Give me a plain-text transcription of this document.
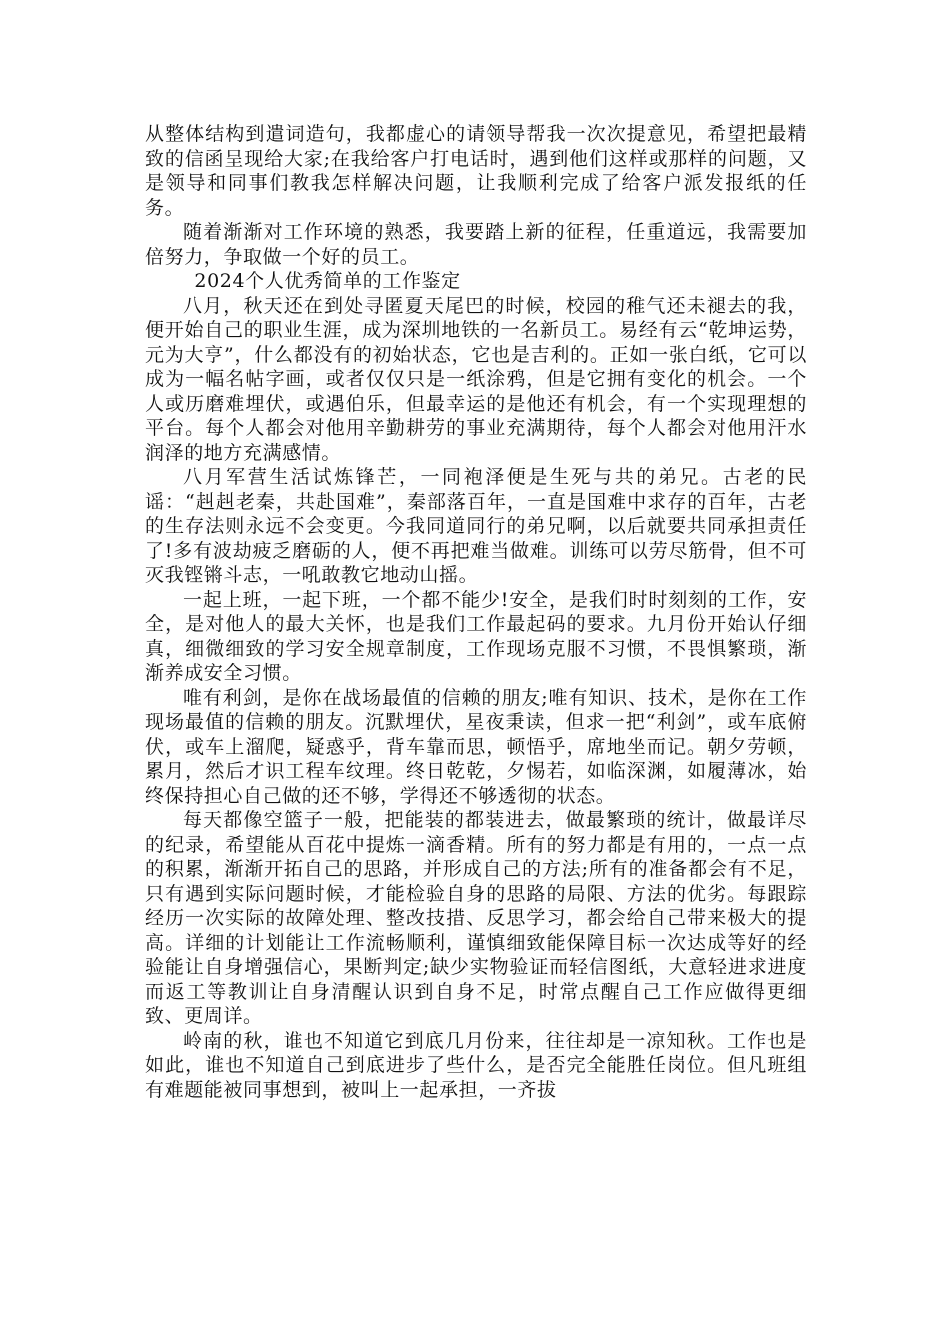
从整体结构到遣词造句，我都虚心的请领导帮我一次次提意见，希望把最精致的信函呈现给大家;在我给客户打电话时，遇到他们这样或那样的问题，又是领导和同事们教我怎样解决问题，让我顺利完成了给客户派发报纸的任务。

随着渐渐对工作环境的熟悉，我要踏上新的征程，任重道远，我需要加倍努力，争取做一个好的员工。

2024个人优秀简单的工作鉴定

八月，秋天还在到处寻匿夏天尾巴的时候，校园的稚气还未褪去的我，便开始自己的职业生涯，成为深圳地铁的一名新员工。易经有云“乾坤运势，元为大亨”，什么都没有的初始状态，它也是吉利的。正如一张白纸，它可以成为一幅名帖字画，或者仅仅只是一纸涂鸦，但是它拥有变化的机会。一个人或历磨难埋伏，或遇伯乐，但最幸运的是他还有机会，有一个实现理想的平台。每个人都会对他用辛勤耕劳的事业充满期待，每个人都会对他用汗水润泽的地方充满感情。

八月军营生活试炼锋芒，一同袍泽便是生死与共的弟兄。古老的民谣：“赳赳老秦，共赴国难”，秦部落百年，一直是国难中求存的百年，古老的生存法则永远不会变更。今我同道同行的弟兄啊，以后就要共同承担责任了!多有波劫疲乏磨砺的人，便不再把难当做难。训练可以劳尽筋骨，但不可灭我铿锵斗志，一吼敢教它地动山摇。

一起上班，一起下班，一个都不能少!安全，是我们时时刻刻的工作，安全，是对他人的最大关怀，也是我们工作最起码的要求。九月份开始认仔细真，细微细致的学习安全规章制度，工作现场克服不习惯，不畏惧繁琐，渐渐养成安全习惯。

唯有利剑，是你在战场最值的信赖的朋友;唯有知识、技术，是你在工作现场最值的信赖的朋友。沉默埋伏，星夜秉读，但求一把“利剑”，或车底俯伏，或车上溜爬，疑惑乎，背车靠而思，顿悟乎，席地坐而记。朝夕劳顿，累月，然后才识工程车纹理。终日乾乾，夕惕若，如临深渊，如履薄冰，始终保持担心自己做的还不够，学得还不够透彻的状态。

每天都像空篮子一般，把能装的都装进去，做最繁琐的统计，做最详尽的纪录，希望能从百花中提炼一滴香精。所有的努力都是有用的，一点一点的积累，渐渐开拓自己的思路，并形成自己的方法;所有的准备都会有不足，只有遇到实际问题时候，才能检验自身的思路的局限、方法的优劣。每跟踪经历一次实际的故障处理、整改技措、反思学习，都会给自己带来极大的提高。详细的计划能让工作流畅顺利，谨慎细致能保障目标一次达成等好的经验能让自身增强信心，果断判定;缺少实物验证而轻信图纸，大意轻进求进度而返工等教训让自身清醒认识到自身不足，时常点醒自己工作应做得更细致、更周详。

岭南的秋，谁也不知道它到底几月份来，往往却是一凉知秋。工作也是如此，谁也不知道自己到底进步了些什么，是否完全能胜任岗位。但凡班组有难题能被同事想到，被叫上一起承担，一齐拔
